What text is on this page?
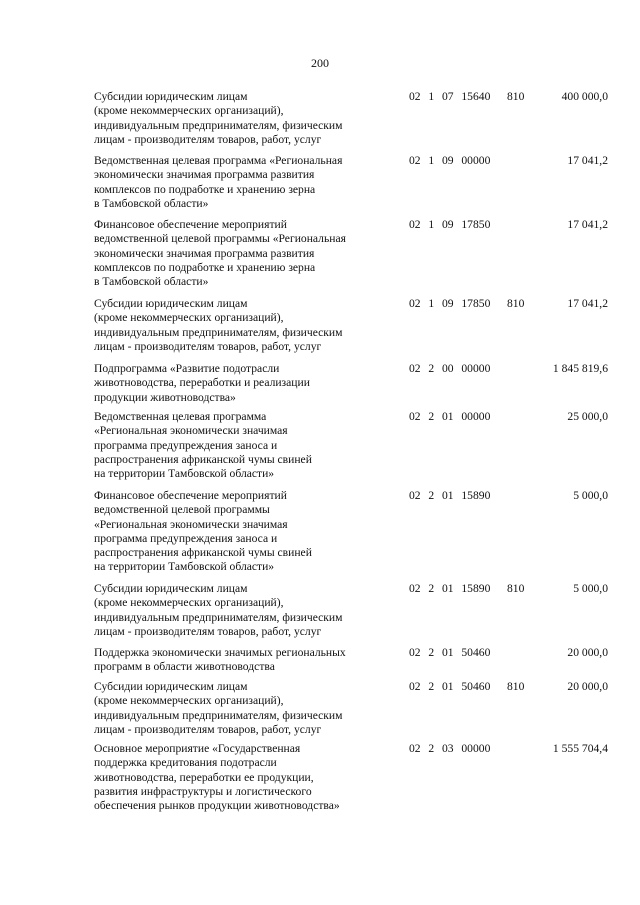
200

Субсидии юридическим лицам
(кроме некоммерческих организаций),
индивидуальным предпринимателям, физическим
лицам - производителям товаров, работ, услуг

02  1  07  15640 810	400 000,0

Ведомственная целевая программа «Региональная
экономически значимая программа развития
комплексов по подработке и хранению зерна
в Тамбовской области»

02  1  09  00000	17 041,2

Финансовое обеспечение мероприятий
ведомственной целевой программы «Региональная
экономически значимая программа развития
комплексов по подработке и хранению зерна
в Тамбовской области»

02  1  09  17850	17 041,2

Субсидии юридическим лицам
(кроме некоммерческих организаций),
индивидуальным предпринимателям, физическим
лицам - производителям товаров, работ, услуг

02  1  09  17850 810	17 041,2

Подпрограмма «Развитие подотрасли
животноводства, переработки и реализации
продукции животноводства»

02  2  00  00000	1 845 819,6

Ведомственная целевая программа
«Региональная экономически значимая
программа предупреждения заноса и
распространения африканской чумы свиней
на территории Тамбовской области»

02  2  01  00000	25 000,0

Финансовое обеспечение мероприятий
ведомственной целевой программы
«Региональная экономически значимая
программа предупреждения заноса и
распространения африканской чумы свиней
на территории Тамбовской области»

02  2  01  15890	5 000,0

Субсидии юридическим лицам
(кроме некоммерческих организаций),
индивидуальным предпринимателям, физическим
лицам - производителям товаров, работ, услуг

02  2  01  15890 810	5 000,0

Поддержка экономически значимых региональных
программ в области животноводства

02  2  01  50460	20 000,0

Субсидии юридическим лицам
(кроме некоммерческих организаций),
индивидуальным предпринимателям, физическим
лицам - производителям товаров, работ, услуг

02  2  01  50460 810	20 000,0

Основное мероприятие «Государственная
поддержка кредитования подотрасли
животноводства, переработки ее продукции,
развития инфраструктуры и логистического
обеспечения рынков продукции животноводства»

02  2  03  00000	1 555 704,4
